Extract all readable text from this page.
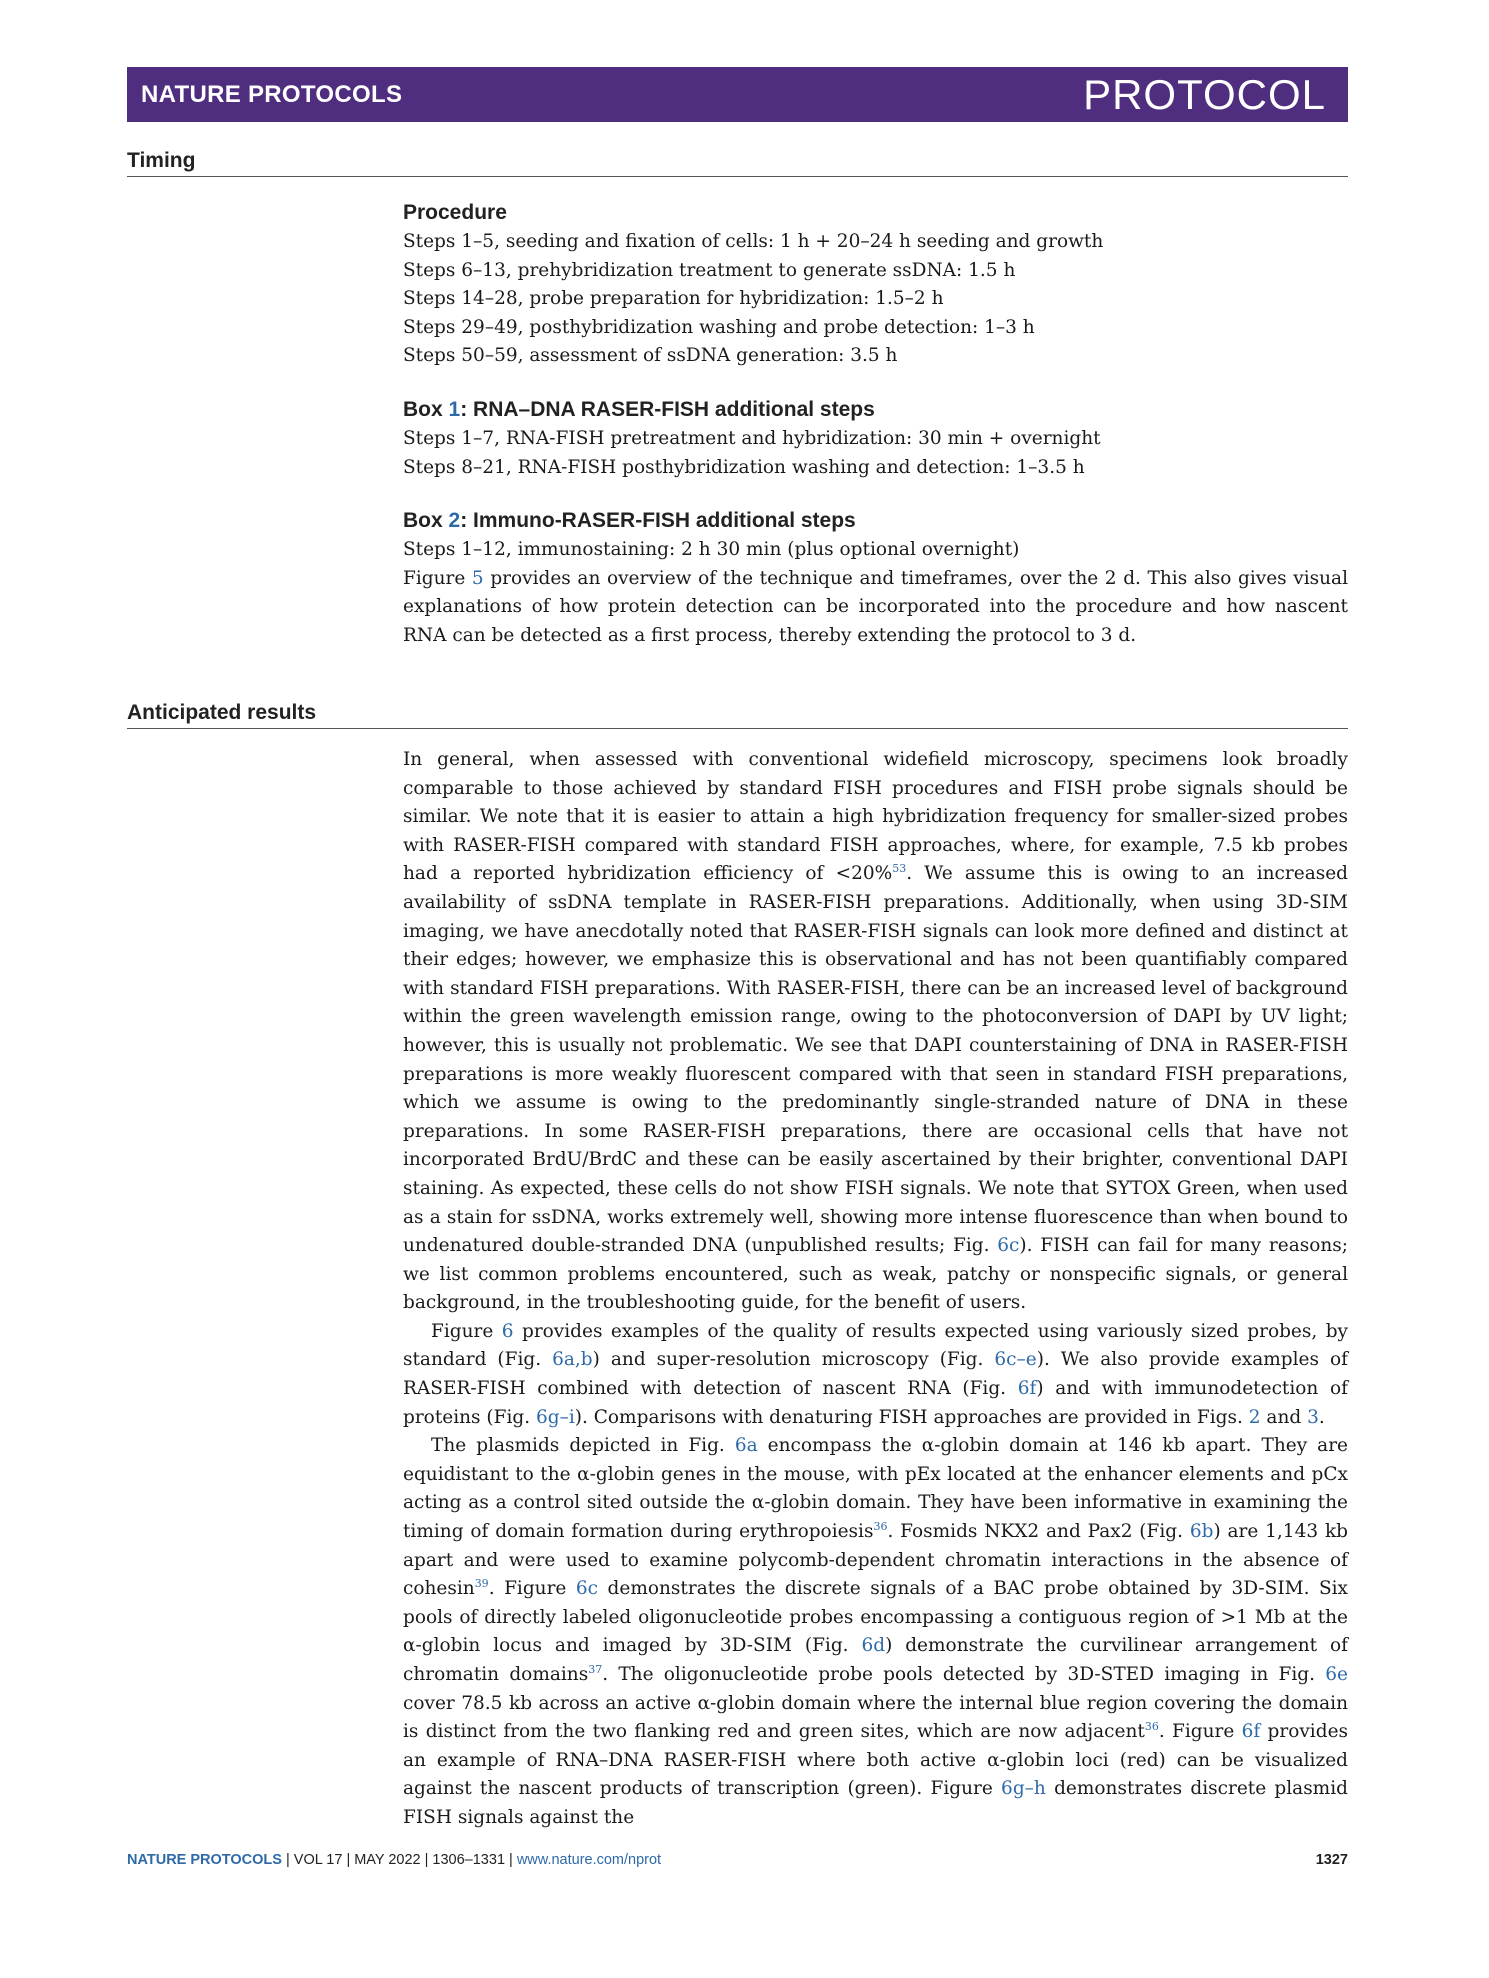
NATURE PROTOCOLS	PROTOCOL
Timing
Procedure
Steps 1–5, seeding and fixation of cells: 1 h + 20–24 h seeding and growth
Steps 6–13, prehybridization treatment to generate ssDNA: 1.5 h
Steps 14–28, probe preparation for hybridization: 1.5–2 h
Steps 29–49, posthybridization washing and probe detection: 1–3 h
Steps 50–59, assessment of ssDNA generation: 3.5 h
Box 1: RNA–DNA RASER-FISH additional steps
Steps 1–7, RNA-FISH pretreatment and hybridization: 30 min + overnight
Steps 8–21, RNA-FISH posthybridization washing and detection: 1–3.5 h
Box 2: Immuno-RASER-FISH additional steps
Steps 1–12, immunostaining: 2 h 30 min (plus optional overnight)

Figure 5 provides an overview of the technique and timeframes, over the 2 d. This also gives visual explanations of how protein detection can be incorporated into the procedure and how nascent RNA can be detected as a first process, thereby extending the protocol to 3 d.

Anticipated results

In general, when assessed with conventional widefield microscopy, specimens look broadly comparable to those achieved by standard FISH procedures and FISH probe signals should be similar. We note that it is easier to attain a high hybridization frequency for smaller-sized probes with RASER-FISH compared with standard FISH approaches, where, for example, 7.5 kb probes had a reported hybridization efficiency of <20%$^{53}$. We assume this is owing to an increased availability of ssDNA template in RASER-FISH preparations. Additionally, when using 3D-SIM imaging, we have anecdotally noted that RASER-FISH signals can look more defined and distinct at their edges; however, we emphasize this is observational and has not been quantifiably compared with standard FISH preparations. With RASER-FISH, there can be an increased level of background within the green wavelength emission range, owing to the photoconversion of DAPI by UV light; however, this is usually not problematic. We see that DAPI counterstaining of DNA in RASER-FISH preparations is more weakly fluorescent compared with that seen in standard FISH preparations, which we assume is owing to the predominantly single-stranded nature of DNA in these preparations. In some RASER-FISH preparations, there are occasional cells that have not incorporated BrdU/BrdC and these can be easily ascertained by their brighter, conventional DAPI staining. As expected, these cells do not show FISH signals. We note that SYTOX Green, when used as a stain for ssDNA, works extremely well, showing more intense fluorescence than when bound to undenatured double-stranded DNA (unpublished results; Fig. 6c). FISH can fail for many reasons; we list common problems encountered, such as weak, patchy or nonspecific signals, or general background, in the troubleshooting guide, for the benefit of users.

Figure 6 provides examples of the quality of results expected using variously sized probes, by standard (Fig. 6a,b) and super-resolution microscopy (Fig. 6c–e). We also provide examples of RASER-FISH combined with detection of nascent RNA (Fig. 6f) and with immunodetection of proteins (Fig. 6g–i). Comparisons with denaturing FISH approaches are provided in Figs. 2 and 3.

The plasmids depicted in Fig. 6a encompass the α-globin domain at 146 kb apart. They are equidistant to the α-globin genes in the mouse, with pEx located at the enhancer elements and pCx acting as a control sited outside the α-globin domain. They have been informative in examining the timing of domain formation during erythropoiesis$^{36}$. Fosmids NKX2 and Pax2 (Fig. 6b) are 1,143 kb apart and were used to examine polycomb-dependent chromatin interactions in the absence of cohesin$^{39}$. Figure 6c demonstrates the discrete signals of a BAC probe obtained by 3D-SIM. Six pools of directly labeled oligonucleotide probes encompassing a contiguous region of >1 Mb at the α-globin locus and imaged by 3D-SIM (Fig. 6d) demonstrate the curvilinear arrangement of chromatin domains$^{37}$. The oligonucleotide probe pools detected by 3D-STED imaging in Fig. 6e cover 78.5 kb across an active α-globin domain where the internal blue region covering the domain is distinct from the two flanking red and green sites, which are now adjacent$^{36}$. Figure 6f provides an example of RNA–DNA RASER-FISH where both active α-globin loci (red) can be visualized against the nascent products of transcription (green). Figure 6g–h demonstrates discrete plasmid FISH signals against the

NATURE PROTOCOLS | VOL 17 | MAY 2022 | 1306–1331 | www.nature.com/nprot	1327
